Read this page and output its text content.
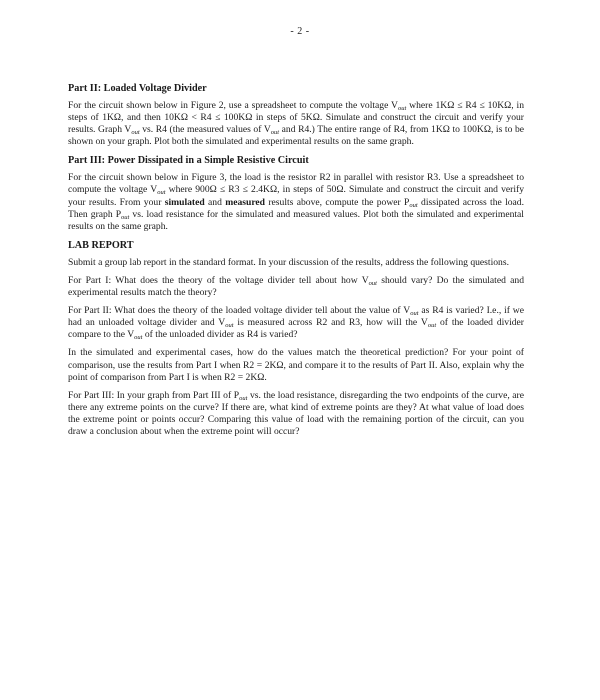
- 2 -
Part II: Loaded Voltage Divider

For the circuit shown below in Figure 2, use a spreadsheet to compute the voltage $V_{out}$ where 1KΩ ≤ R4 ≤ 10KΩ, in steps of 1KΩ, and then 10KΩ < R4 ≤ 100KΩ in steps of 5KΩ. Simulate and construct the circuit and verify your results. Graph $V_{out}$ vs. R4 (the measured values of $V_{out}$ and R4.) The entire range of R4, from 1KΩ to 100KΩ, is to be shown on your graph. Plot both the simulated and experimental results on the same graph.

Part III: Power Dissipated in a Simple Resistive Circuit

For the circuit shown below in Figure 3, the load is the resistor R2 in parallel with resistor R3. Use a spreadsheet to compute the voltage $V_{out}$ where 900Ω ≤ R3 ≤ 2.4KΩ, in steps of 50Ω. Simulate and construct the circuit and verify your results. From your simulated and measured results above, compute the power $P_{out}$ dissipated across the load. Then graph $P_{out}$ vs. load resistance for the simulated and measured values. Plot both the simulated and experimental results on the same graph.

LAB REPORT

Submit a group lab report in the standard format. In your discussion of the results, address the following questions.

For Part I: What does the theory of the voltage divider tell about how $V_{out}$ should vary? Do the simulated and experimental results match the theory?

For Part II: What does the theory of the loaded voltage divider tell about the value of $V_{out}$ as R4 is varied? I.e., if we had an unloaded voltage divider and $V_{out}$ is measured across R2 and R3, how will the $V_{out}$ of the loaded divider compare to the $V_{out}$ of the unloaded divider as R4 is varied?

In the simulated and experimental cases, how do the values match the theoretical prediction? For your point of comparison, use the results from Part I when R2 = 2KΩ, and compare it to the results of Part II. Also, explain why the point of comparison from Part I is when R2 = 2KΩ.

For Part III: In your graph from Part III of $P_{out}$ vs. the load resistance, disregarding the two endpoints of the curve, are there any extreme points on the curve? If there are, what kind of extreme points are they? At what value of load does the extreme point or points occur? Comparing this value of load with the remaining portion of the circuit, can you draw a conclusion about when the extreme point will occur?
